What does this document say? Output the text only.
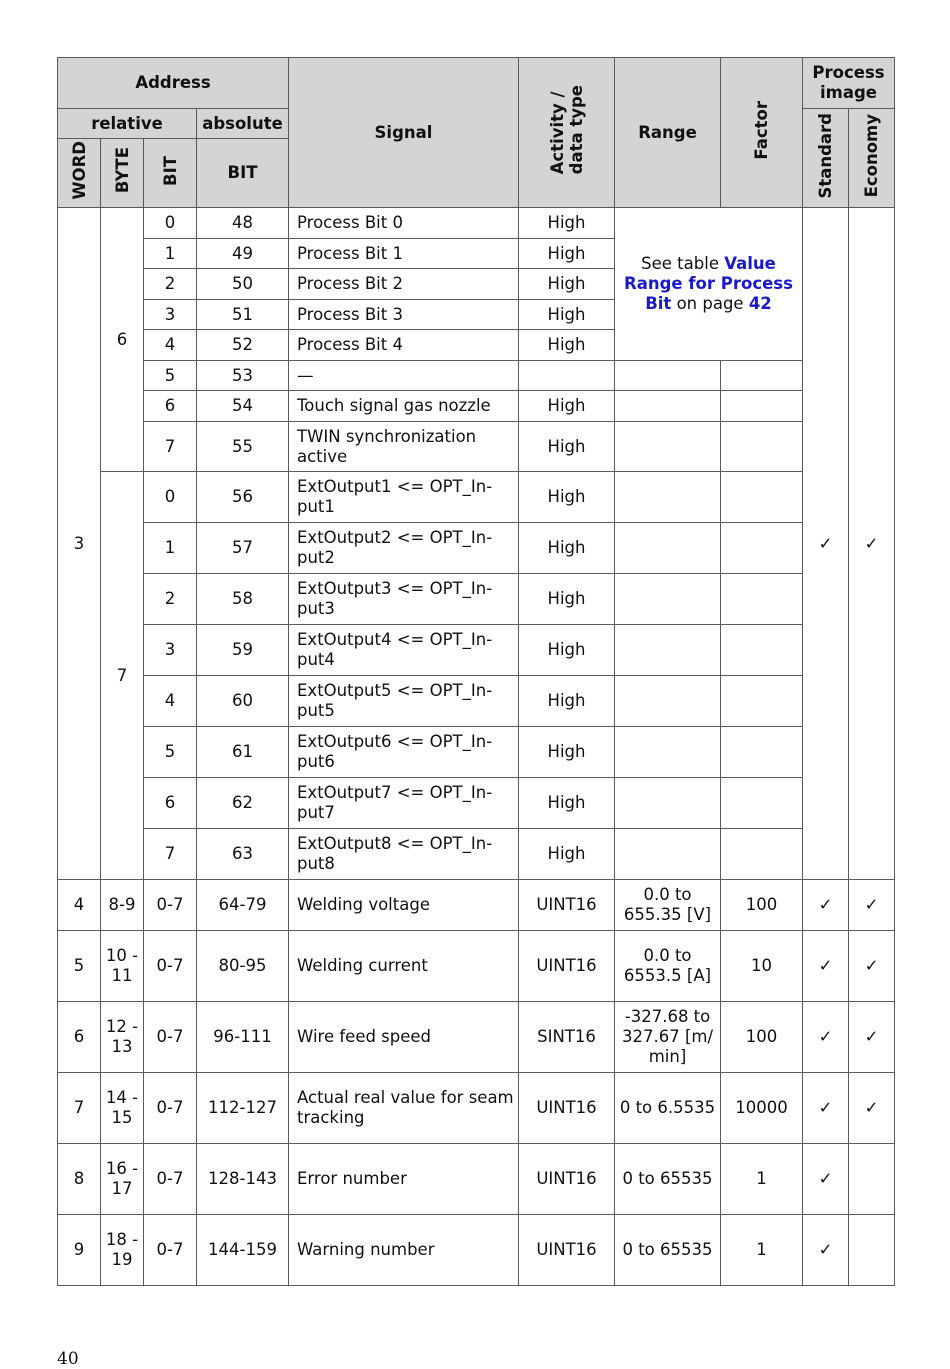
Address				Signal	Activity /
data type	Range	Factor	Process image	
relative			absolute					Standard	Economy
WORD	BYTE	BIT	BIT						
3	6	0	48	Process Bit 0	High	See table Value Range for Process Bit on page 42		✓	✓
		1	49	Process Bit 1	High				
		2	50	Process Bit 2	High				
		3	51	Process Bit 3	High				
		4	52	Process Bit 4	High				
		5	53	—					
		6	54	Touch signal gas nozzle	High				
		7	55	TWIN synchronization active	High				
	7	0	56	ExtOutput1 <= OPT_In-put1	High				
		1	57	ExtOutput2 <= OPT_In-put2	High				
		2	58	ExtOutput3 <= OPT_In-put3	High				
		3	59	ExtOutput4 <= OPT_In-put4	High				
		4	60	ExtOutput5 <= OPT_In-put5	High				
		5	61	ExtOutput6 <= OPT_In-put6	High				
		6	62	ExtOutput7 <= OPT_In-put7	High				
		7	63	ExtOutput8 <= OPT_In-put8	High				
4	8-9	0-7	64-79	Welding voltage	UINT16	0.0 to 655.35 [V]	100	✓	✓
5	10 - 11	0-7	80-95	Welding current	UINT16	0.0 to 6553.5 [A]	10	✓	✓
6	12 - 13	0-7	96-111	Wire feed speed	SINT16	-327.68 to 327.67 [m/ min]	100	✓	✓
7	14 - 15	0-7	112-127	Actual real value for seam tracking	UINT16	0 to 6.5535	10000	✓	✓
8	16 - 17	0-7	128-143	Error number	UINT16	0 to 65535	1	✓	
9	18 - 19	0-7	144-159	Warning number	UINT16	0 to 65535	1	✓	
40
